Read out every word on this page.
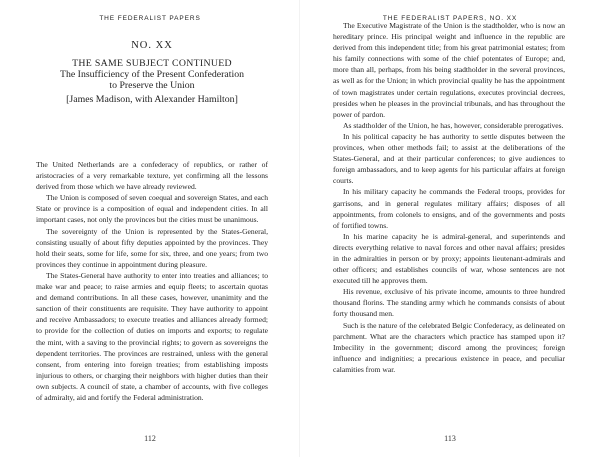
THE FEDERALIST PAPERS
NO. XX
THE SAME SUBJECT CONTINUED
The Insufficiency of the Present Confederation
to Preserve the Union
[James Madison, with Alexander Hamilton]

The United Netherlands are a confederacy of republics, or rather of aristocracies of a very remarkable texture, yet confirming all the lessons derived from those which we have already reviewed.

The Union is composed of seven coequal and sovereign States, and each State or province is a composition of equal and independent cities. In all important cases, not only the provinces but the cities must be unanimous.

The sovereignty of the Union is represented by the States-General, consisting usually of about fifty deputies appointed by the provinces. They hold their seats, some for life, some for six, three, and one years; from two provinces they continue in appointment during pleasure.

The States-General have authority to enter into treaties and alliances; to make war and peace; to raise armies and equip fleets; to ascertain quotas and demand contributions. In all these cases, however, unanimity and the sanction of their constituents are requisite. They have authority to appoint and receive Ambassadors; to execute treaties and alliances already formed; to provide for the collection of duties on imports and exports; to regulate the mint, with a saving to the provincial rights; to govern as sovereigns the dependent territories. The provinces are restrained, unless with the general consent, from entering into foreign treaties; from establishing imposts injurious to others, or charging their neighbors with higher duties than their own subjects. A council of state, a chamber of accounts, with five colleges of admiralty, aid and fortify the Federal administration.

112
THE FEDERALIST PAPERS, NO. XX

The Executive Magistrate of the Union is the stadtholder, who is now an hereditary prince. His principal weight and influence in the republic are derived from this independent title; from his great patrimonial estates; from his family connections with some of the chief potentates of Europe; and, more than all, perhaps, from his being stadtholder in the several provinces, as well as for the Union; in which provincial quality he has the appointment of town magistrates under certain regulations, executes provincial decrees, presides when he pleases in the provincial tribunals, and has throughout the power of pardon.

As stadtholder of the Union, he has, however, considerable prerogatives.

In his political capacity he has authority to settle disputes between the provinces, when other methods fail; to assist at the deliberations of the States-General, and at their particular conferences; to give audiences to foreign ambassadors, and to keep agents for his particular affairs at foreign courts.

In his military capacity he commands the Federal troops, provides for garrisons, and in general regulates military affairs; disposes of all appointments, from colonels to ensigns, and of the governments and posts of fortified towns.

In his marine capacity he is admiral-general, and superintends and directs everything relative to naval forces and other naval affairs; presides in the admiralties in person or by proxy; appoints lieutenant-admirals and other officers; and establishes councils of war, whose sentences are not executed till he approves them.

His revenue, exclusive of his private income, amounts to three hundred thousand florins. The standing army which he commands consists of about forty thousand men.

Such is the nature of the celebrated Belgic Confederacy, as delineated on parchment. What are the characters which practice has stamped upon it? Imbecility in the government; discord among the provinces; foreign influence and indignities; a precarious existence in peace, and peculiar calamities from war.

113
